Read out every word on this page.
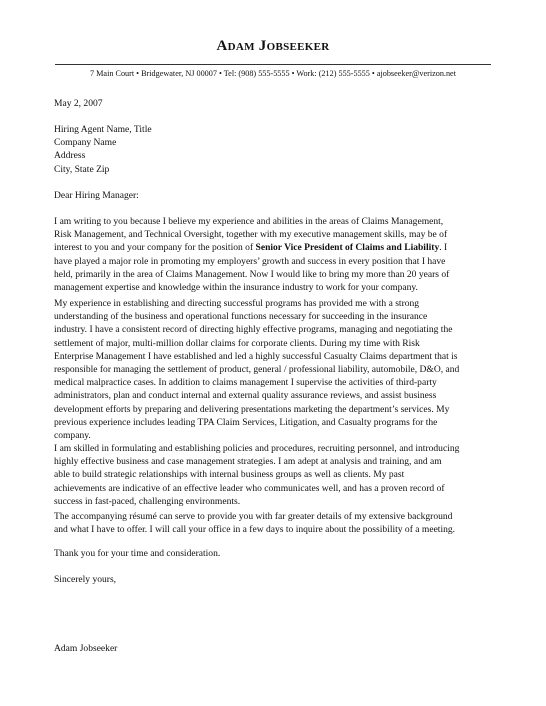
Adam Jobseeker
7 Main Court • Bridgewater, NJ 00007 • Tel: (908) 555-5555 • Work: (212) 555-5555 • ajobseeker@verizon.net

May 2, 2007

Hiring Agent Name, Title
Company Name
Address
City, State Zip

Dear Hiring Manager:

I am writing to you because I believe my experience and abilities in the areas of Claims Management,
Risk Management, and Technical Oversight, together with my executive management skills, may be of
interest to you and your company for the position of Senior Vice President of Claims and Liability. I
have played a major role in promoting my employers’ growth and success in every position that I have
held, primarily in the area of Claims Management. Now I would like to bring my more than 20 years of
management expertise and knowledge within the insurance industry to work for your company.

My experience in establishing and directing successful programs has provided me with a strong
understanding of the business and operational functions necessary for succeeding in the insurance
industry. I have a consistent record of directing highly effective programs, managing and negotiating the
settlement of major, multi-million dollar claims for corporate clients. During my time with Risk
Enterprise Management I have established and led a highly successful Casualty Claims department that is
responsible for managing the settlement of product, general / professional liability, automobile, D&O, and
medical malpractice cases. In addition to claims management I supervise the activities of third-party
administrators, plan and conduct internal and external quality assurance reviews, and assist business
development efforts by preparing and delivering presentations marketing the department’s services. My
previous experience includes leading TPA Claim Services, Litigation, and Casualty programs for the
company.

I am skilled in formulating and establishing policies and procedures, recruiting personnel, and introducing
highly effective business and case management strategies. I am adept at analysis and training, and am
able to build strategic relationships with internal business groups as well as clients. My past
achievements are indicative of an effective leader who communicates well, and has a proven record of
success in fast-paced, challenging environments.

The accompanying résumé can serve to provide you with far greater details of my extensive background
and what I have to offer. I will call your office in a few days to inquire about the possibility of a meeting.

Thank you for your time and consideration.

Sincerely yours,

Adam Jobseeker
